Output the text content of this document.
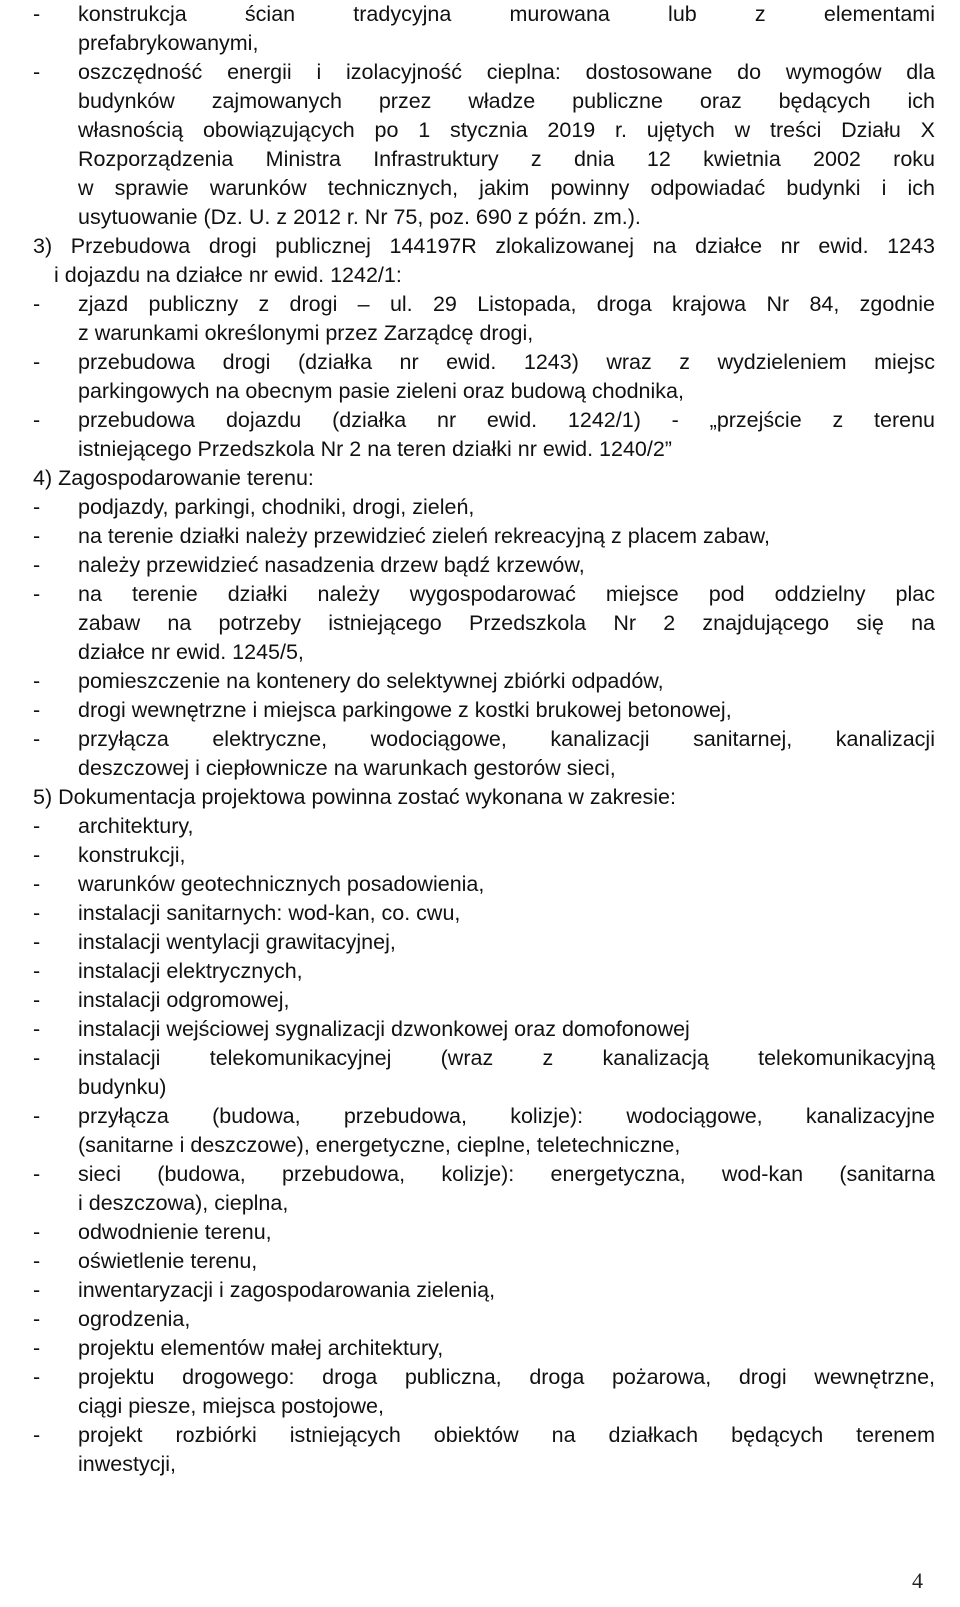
-	konstrukcja ścian tradycyjna murowana lub z elementami
prefabrykowanymi,
-	oszczędność energii i izolacyjność cieplna: dostosowane do wymogów dla
budynków zajmowanych przez władze publiczne oraz będących ich
własnością obowiązujących po 1 stycznia 2019 r. ujętych w treści Działu X
Rozporządzenia Ministra Infrastruktury z dnia 12 kwietnia 2002 roku
w sprawie warunków technicznych, jakim powinny odpowiadać budynki i ich
usytuowanie (Dz. U. z 2012 r. Nr 75, poz. 690 z późn. zm.).
3) Przebudowa drogi publicznej 144197R zlokalizowanej na działce nr ewid. 1243
i dojazdu na działce nr ewid. 1242/1:
-	zjazd publiczny z drogi – ul. 29 Listopada, droga krajowa Nr 84, zgodnie
z warunkami określonymi przez Zarządcę drogi,
-	przebudowa drogi (działka nr ewid. 1243) wraz z wydzieleniem miejsc
parkingowych na obecnym pasie zieleni oraz budową chodnika,
-	przebudowa dojazdu (działka nr ewid. 1242/1) - „przejście z terenu
istniejącego Przedszkola Nr 2 na teren działki nr ewid. 1240/2”
4) Zagospodarowanie terenu:
-	podjazdy, parkingi, chodniki, drogi, zieleń,
-	na terenie działki należy przewidzieć zieleń rekreacyjną z placem zabaw,
-	należy przewidzieć nasadzenia drzew bądź krzewów,
-	na terenie działki należy wygospodarować miejsce pod oddzielny plac
zabaw na potrzeby istniejącego Przedszkola Nr 2 znajdującego się na
działce nr ewid. 1245/5,
-	pomieszczenie na kontenery do selektywnej zbiórki odpadów,
-	drogi wewnętrzne i miejsca parkingowe z kostki brukowej betonowej,
-	przyłącza elektryczne, wodociągowe, kanalizacji sanitarnej, kanalizacji
deszczowej i ciepłownicze na warunkach gestorów sieci,
5) Dokumentacja projektowa powinna zostać wykonana w zakresie:
-	architektury,
-	konstrukcji,
-	warunków geotechnicznych posadowienia,
-	instalacji sanitarnych: wod-kan, co. cwu,
-	instalacji wentylacji grawitacyjnej,
-	instalacji elektrycznych,
-	instalacji odgromowej,
-	instalacji wejściowej sygnalizacji dzwonkowej oraz domofonowej
-	instalacji telekomunikacyjnej (wraz z kanalizacją telekomunikacyjną
budynku)
-	przyłącza (budowa, przebudowa, kolizje): wodociągowe, kanalizacyjne
(sanitarne i deszczowe), energetyczne, cieplne, teletechniczne,
-	sieci (budowa, przebudowa, kolizje): energetyczna, wod-kan (sanitarna
i deszczowa), cieplna,
-	odwodnienie terenu,
-	oświetlenie terenu,
-	inwentaryzacji i zagospodarowania zielenią,
-	ogrodzenia,
-	projektu elementów małej architektury,
-	projektu drogowego: droga publiczna, droga pożarowa, drogi wewnętrzne,
ciągi piesze, miejsca postojowe,
-	projekt rozbiórki istniejących obiektów na działkach będących terenem
inwestycji,
4
